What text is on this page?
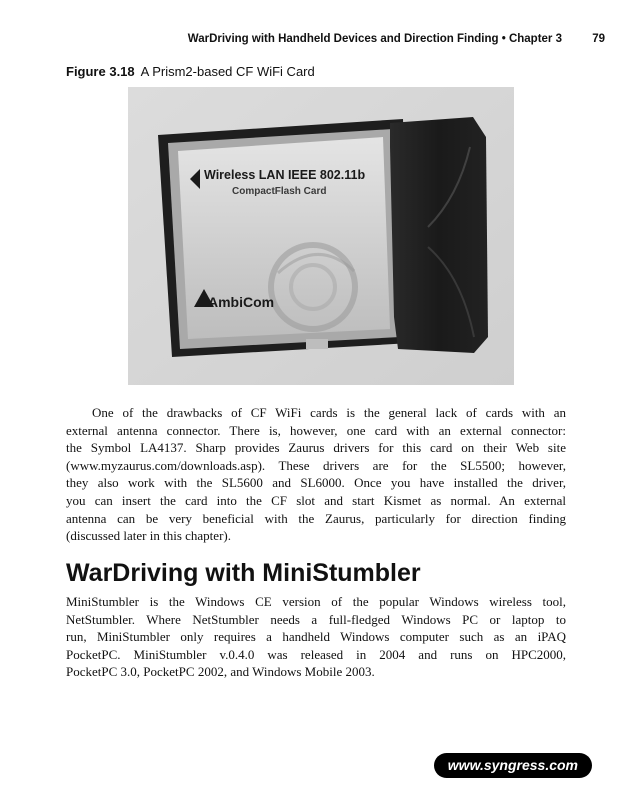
WarDriving with Handheld Devices and Direction Finding • Chapter 3	79
Figure 3.18 A Prism2-based CF WiFi Card
Wireless LAN IEEE 802.11b
CompactFlash Card
AmbiCom
One of the drawbacks of CF WiFi cards is the general lack of cards with an
external antenna connector. There is, however, one card with an external connector:
the Symbol LA4137. Sharp provides Zaurus drivers for this card on their Web site
(www.myzaurus.com/downloads.asp). These drivers are for the SL5500; however,
they also work with the SL5600 and SL6000. Once you have installed the driver,
you can insert the card into the CF slot and start Kismet as normal. An external
antenna can be very beneficial with the Zaurus, particularly for direction finding
(discussed later in this chapter).
WarDriving with MiniStumbler
MiniStumbler is the Windows CE version of the popular Windows wireless tool,
NetStumbler. Where NetStumbler needs a full-fledged Windows PC or laptop to
run, MiniStumbler only requires a handheld Windows computer such as an iPAQ
PocketPC. MiniStumbler v.0.4.0 was released in 2004 and runs on HPC2000,
PocketPC 3.0, PocketPC 2002, and Windows Mobile 2003.
www.syngress.com
